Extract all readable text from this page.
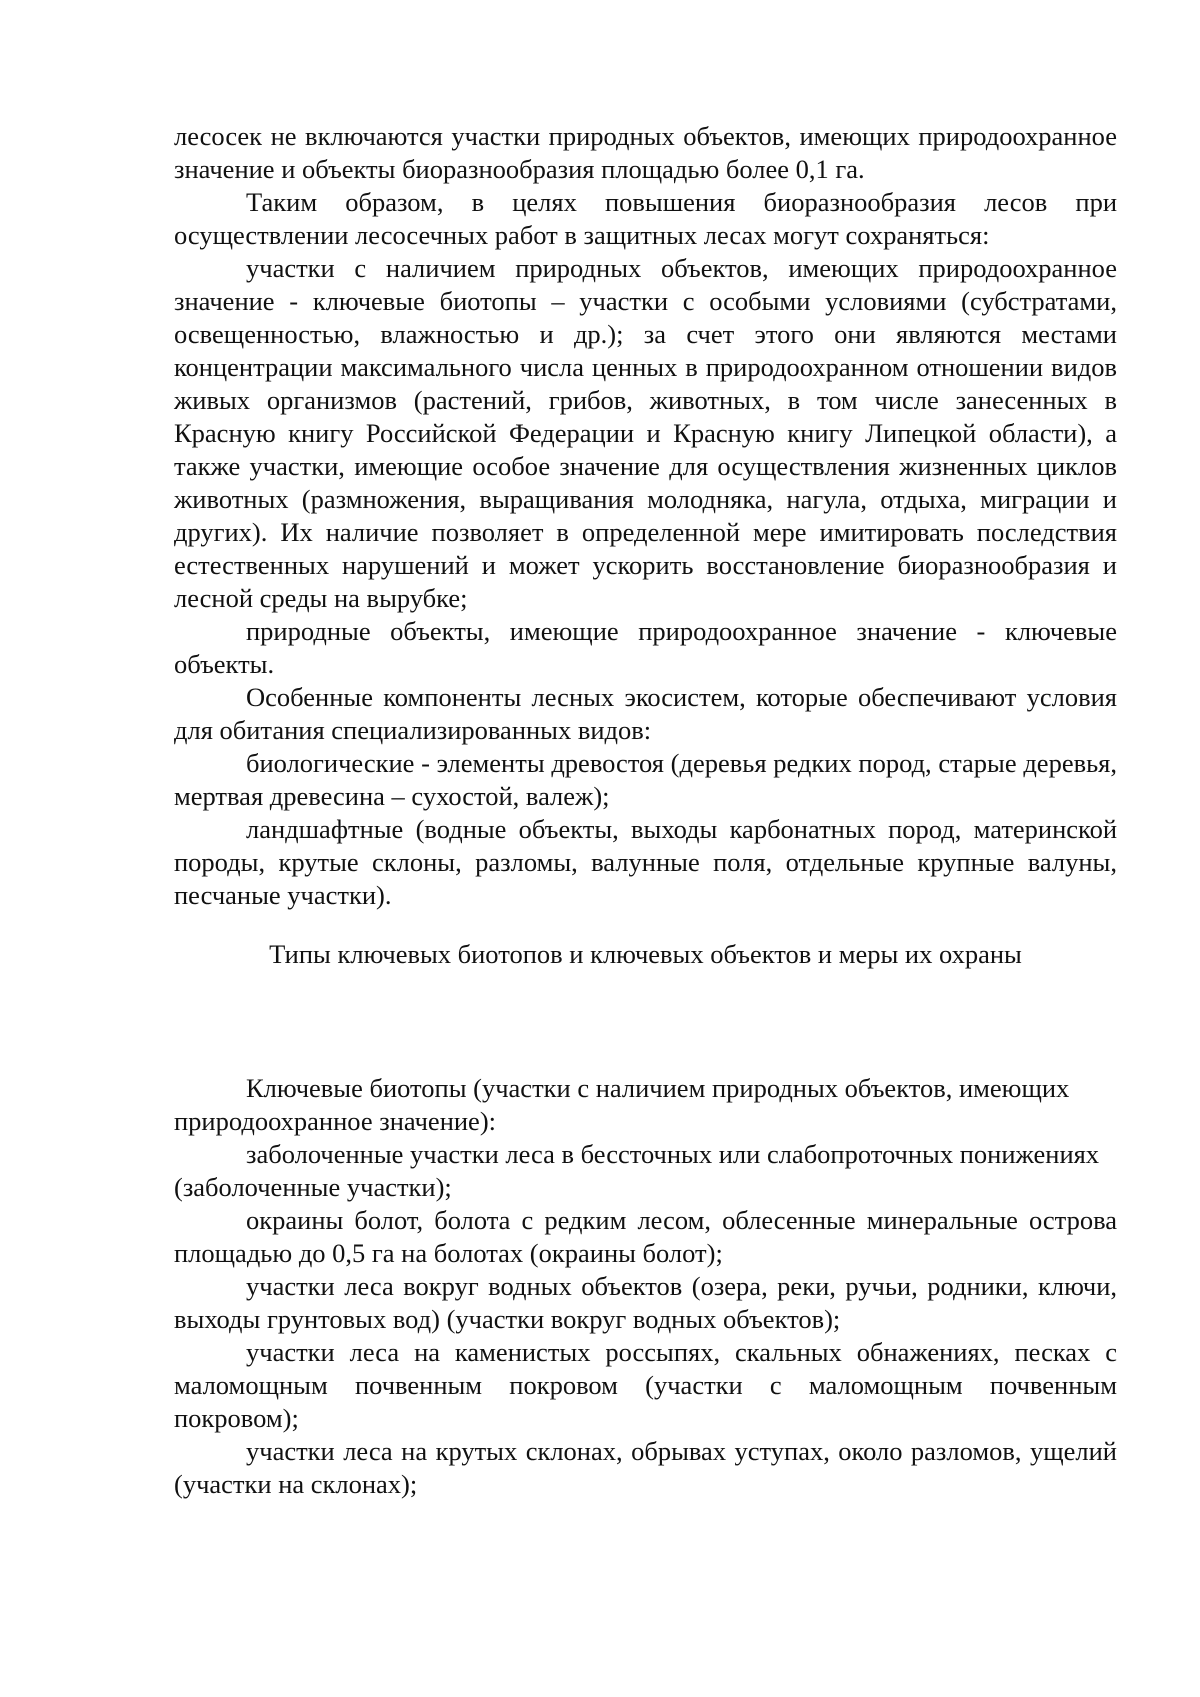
лесосек не включаются участки природных объектов, имеющих природоохранное значение и объекты биоразнообразия площадью более 0,1 га.

Таким образом, в целях повышения биоразнообразия лесов при осуществлении лесосечных работ в защитных лесах могут сохраняться:

участки с наличием природных объектов, имеющих природоохранное значение - ключевые биотопы – участки с особыми условиями (субстратами, освещенностью, влажностью и др.); за счет этого они являются местами концентрации максимального числа ценных в природоохранном отношении видов живых организмов (растений, грибов, животных, в том числе занесенных в Красную книгу Российской Федерации и Красную книгу Липецкой области), а также участки, имеющие особое значение для осуществления жизненных циклов животных (размножения, выращивания молодняка, нагула, отдыха, миграции и других). Их наличие позволяет в определенной мере имитировать последствия естественных нарушений и может ускорить восстановление биоразнообразия и лесной среды на вырубке;

природные объекты, имеющие природоохранное значение - ключевые объекты.

Особенные компоненты лесных экосистем, которые обеспечивают условия для обитания специализированных видов:

биологические - элементы древостоя (деревья редких пород, старые деревья, мертвая древесина – сухостой, валеж);

ландшафтные (водные объекты, выходы карбонатных пород, материнской породы, крутые склоны, разломы, валунные поля, отдельные крупные валуны, песчаные участки).

Типы ключевых биотопов и ключевых объектов и меры их охраны

Ключевые биотопы (участки с наличием природных объектов, имеющих природоохранное значение):

заболоченные участки леса в бессточных или слабопроточных понижениях (заболоченные участки);

окраины болот, болота с редким лесом, облесенные минеральные острова площадью до 0,5 га на болотах (окраины болот);

участки леса вокруг водных объектов (озера, реки, ручьи, родники, ключи, выходы грунтовых вод) (участки вокруг водных объектов);

участки леса на каменистых россыпях, скальных обнажениях, песках с маломощным почвенным покровом (участки с маломощным почвенным покровом);

участки леса на крутых склонах, обрывах уступах, около разломов, ущелий (участки на склонах);
